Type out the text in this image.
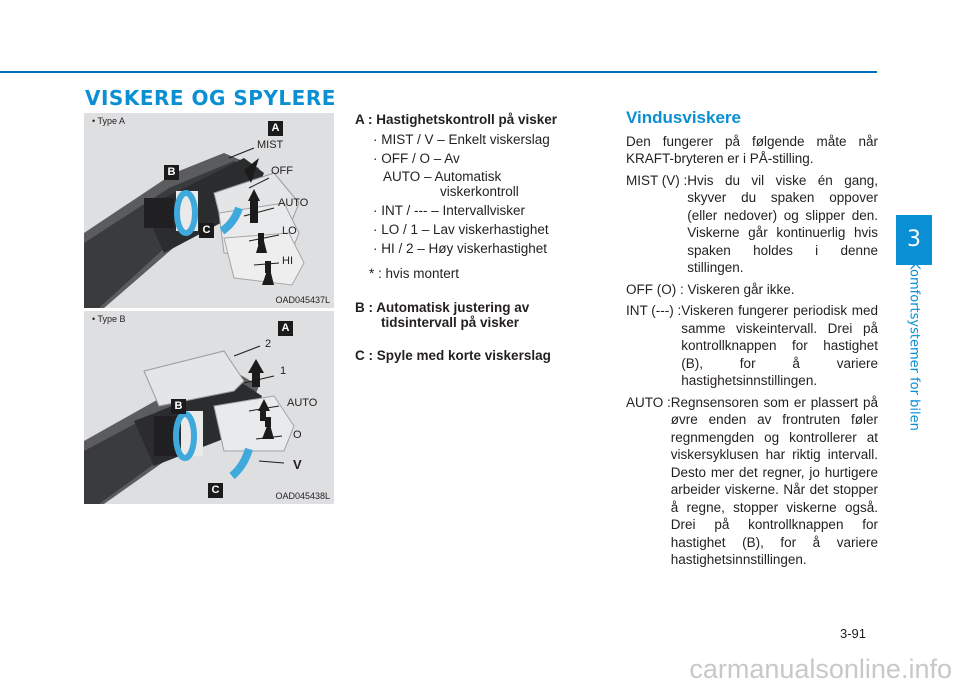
VISKERE OG SPYLERE
• Type A
A
B
C
MIST
OFF
AUTO
LO
HI
OAD045437L
• Type B
A
B
C
2
1
AUTO
O
V
OAD045438L
A : Hastighetskontroll på visker
· MIST / V – Enkelt viskerslag
· OFF / O – Av
AUTO – Automatisk
viskerkontroll
· INT / --- – Intervallvisker
· LO / 1 – Lav viskerhastighet
· HI / 2 – Høy viskerhastighet
* : hvis montert
B : Automatisk justering av
tidsintervall på visker
C : Spyle med korte viskerslag
Vindusviskere
Den fungerer på følgende måte når KRAFT-bryteren er i PÅ-stilling.
MIST (V) : Hvis du vil viske én gang, skyver du spaken oppover (eller nedover) og slipper den. Viskerne går kontinuerlig hvis spaken holdes i denne stillingen.
OFF (O) : Viskeren går ikke.
INT (---) : Viskeren fungerer periodisk med samme viskeintervall. Drei på kontrollknappen for hastighet (B), for å variere hastighetsinnstillingen.
AUTO : Regnsensoren som er plassert på øvre enden av frontruten føler regnmengden og kontrollerer at viskersyklusen har riktig intervall. Desto mer det regner, jo hurtigere arbeider viskerne. Når det stopper å regne, stopper viskerne også. Drei på kontrollknappen for hastighet (B), for å variere hastighetsinnstillingen.
3
Komfortsystemer for bilen
3-91
carmanualsonline.info
